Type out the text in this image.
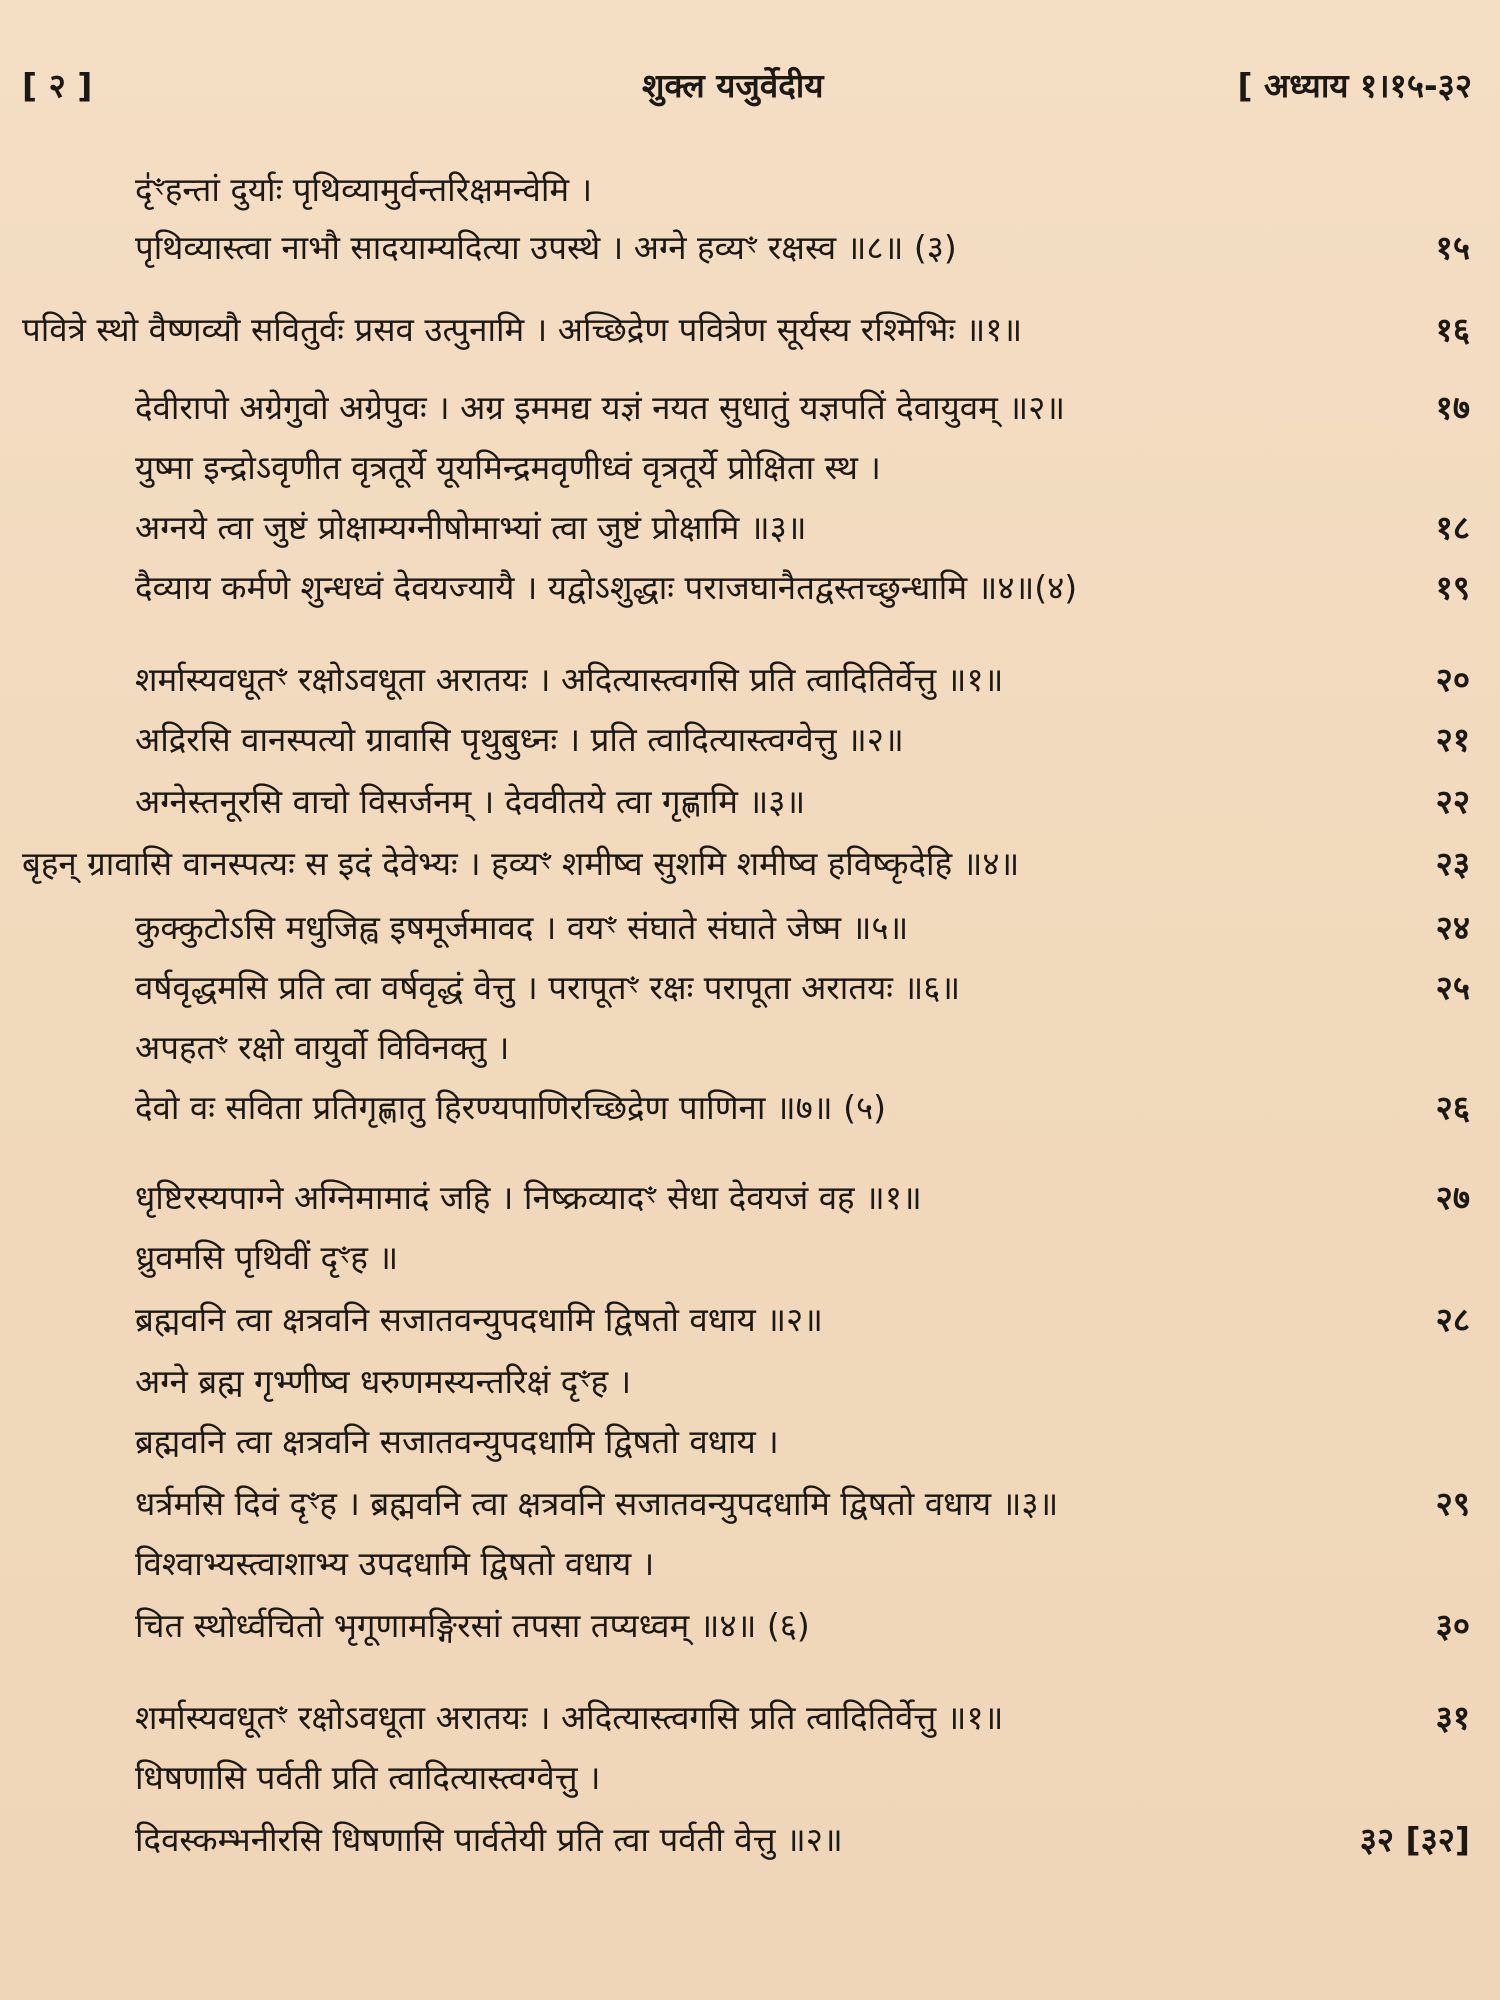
[ २ ]	शुक्ल यजुर्वेदीय	[ अध्याय १।१५-३२
दृ॑ꣳहन्तां दुर्याः पृथिव्यामुर्वन्तरिक्षमन्वेमि ।
पृथिव्यास्त्वा नाभौ सादयाम्यदित्या उपस्थे । अग्ने हव्यꣳ रक्षस्व ॥८॥ (३)	१५
पवित्रे स्थो वैष्णव्यौ सवितुर्वः प्रसव उत्पुनामि । अच्छिद्रेण पवित्रेण सूर्यस्य रश्मिभिः ॥१॥	१६
देवीरापो अग्रेगुवो अग्रेपुवः । अग्र इममद्य यज्ञं नयत सुधातुं यज्ञपतिं देवायुवम् ॥२॥	१७
युष्मा इन्द्रोऽवृणीत वृत्रतूर्ये यूयमिन्द्रमवृणीध्वं वृत्रतूर्ये प्रोक्षिता स्थ ।
अग्नये त्वा जुष्टं प्रोक्षाम्यग्नीषोमाभ्यां त्वा जुष्टं प्रोक्षामि ॥३॥	१८
दैव्याय कर्मणे शुन्धध्वं देवयज्यायै । यद्वोऽशुद्धाः पराजघानैतद्वस्तच्छुन्धामि ॥४॥(४)	१९
शर्मास्यवधूतꣳ रक्षोऽवधूता अरातयः । अदित्यास्त्वगसि प्रति त्वादितिर्वेत्तु ॥१॥	२०
अद्रिरसि वानस्पत्यो ग्रावासि पृथुबुध्नः । प्रति त्वादित्यास्त्वग्वेत्तु ॥२॥	२१
अग्नेस्तनूरसि वाचो विसर्जनम् । देववीतये त्वा गृह्णामि ॥३॥	२२
बृहन् ग्रावासि वानस्पत्यः स इदं देवेभ्यः । हव्यꣳ शमीष्व सुशमि शमीष्व हविष्कृदेहि ॥४॥	२३
कुक्कुटोऽसि मधुजिह्व इषमूर्जमावद । वयꣳ संघाते संघाते जेष्म ॥५॥	२४
वर्षवृद्धमसि प्रति त्वा वर्षवृद्धं वेत्तु । परापूतꣳ रक्षः परापूता अरातयः ॥६॥	२५
अपहतꣳ रक्षो वायुर्वो विविनक्तु ।
देवो वः सविता प्रतिगृह्णातु हिरण्यपाणिरच्छिद्रेण पाणिना ॥७॥ (५)	२६
धृष्टिरस्यपाग्ने अग्निमामादं जहि । निष्क्रव्यादꣳ सेधा देवयजं वह ॥१॥	२७
ध्रुवमसि पृथिवीं दृꣳह ॥
ब्रह्मवनि त्वा क्षत्रवनि सजातवन्युपदधामि द्विषतो वधाय ॥२॥	२८
अग्ने ब्रह्म गृभ्णीष्व धरुणमस्यन्तरिक्षं दृꣳह ।
ब्रह्मवनि त्वा क्षत्रवनि सजातवन्युपदधामि द्विषतो वधाय ।
धर्त्रमसि दिवं दृꣳह । ब्रह्मवनि त्वा क्षत्रवनि सजातवन्युपदधामि द्विषतो वधाय ॥३॥	२९
विश्वाभ्यस्त्वाशाभ्य उपदधामि द्विषतो वधाय ।
चित स्थोर्ध्वचितो भृगूणामङ्गिरसां तपसा तप्यध्वम् ॥४॥ (६)	३०
शर्मास्यवधूतꣳ रक्षोऽवधूता अरातयः । अदित्यास्त्वगसि प्रति त्वादितिर्वेत्तु ॥१॥	३१
धिषणासि पर्वती प्रति त्वादित्यास्त्वग्वेत्तु ।
दिवस्कम्भनीरसि धिषणासि पार्वतेयी प्रति त्वा पर्वती वेत्तु ॥२॥	३२ [३२]
